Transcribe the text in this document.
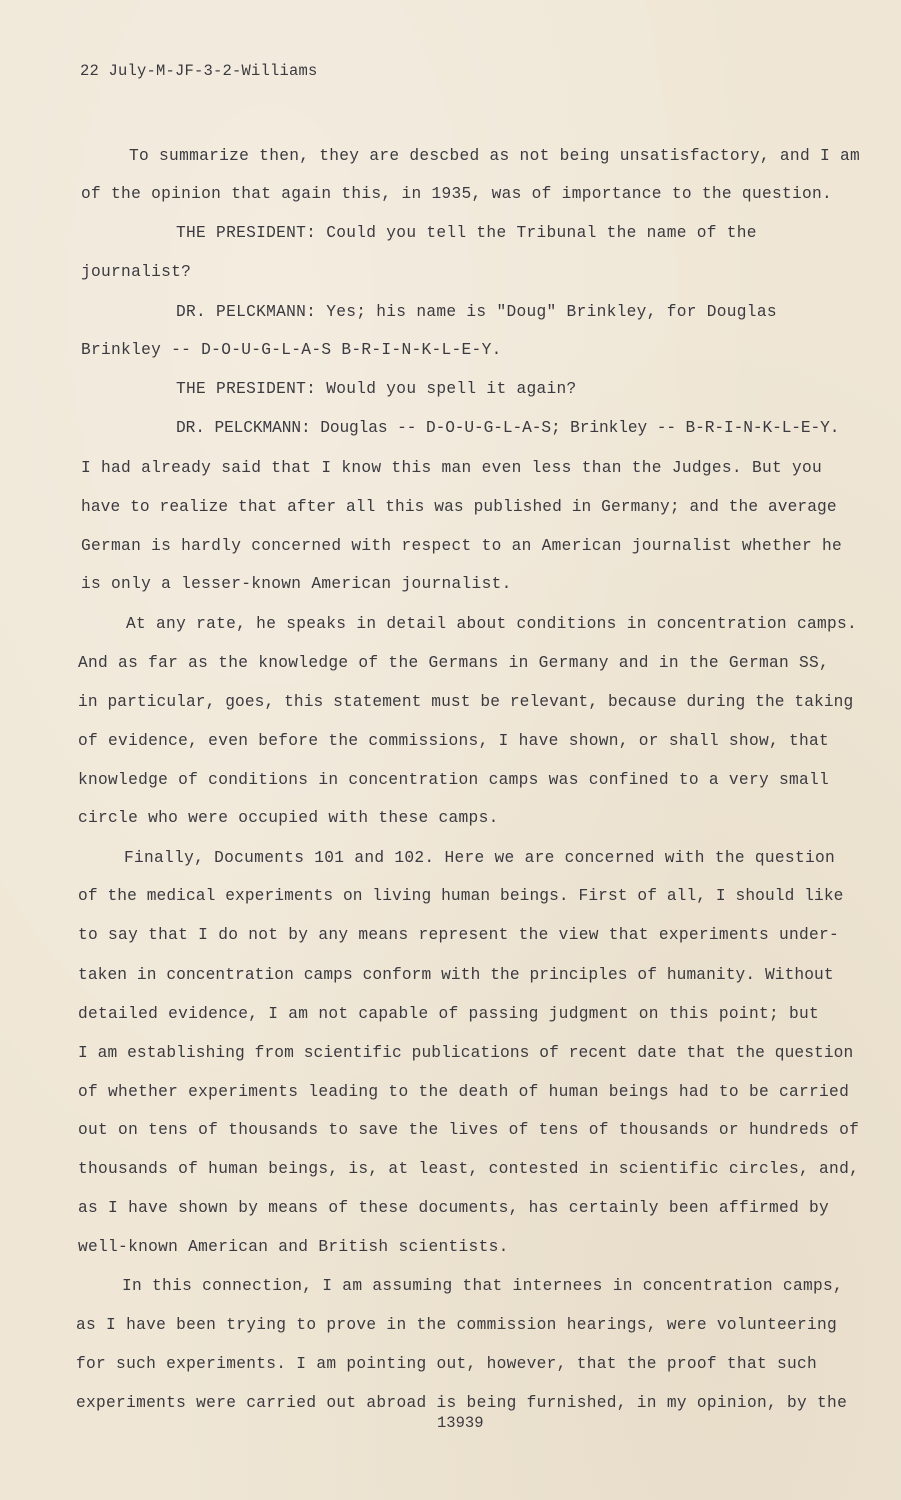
22 July-M-JF-3-2-Williams
To summarize then, they are descbed as not being unsatisfactory, and I am
of the opinion that again this, in 1935, was of importance to the question.
THE PRESIDENT: Could you tell the Tribunal the name of the
journalist?
DR. PELCKMANN: Yes; his name is "Doug" Brinkley, for Douglas
Brinkley -- D-O-U-G-L-A-S B-R-I-N-K-L-E-Y.
THE PRESIDENT: Would you spell it again?
DR. PELCKMANN: Douglas -- D-O-U-G-L-A-S; Brinkley -- B-R-I-N-K-L-E-Y.
I had already said that I know this man even less than the Judges. But you
have to realize that after all this was published in Germany; and the average
German is hardly concerned with respect to an American journalist whether he
is only a lesser-known American journalist.
At any rate, he speaks in detail about conditions in concentration camps.
And as far as the knowledge of the Germans in Germany and in the German SS,
in particular, goes, this statement must be relevant, because during the taking
of evidence, even before the commissions, I have shown, or shall show, that
knowledge of conditions in concentration camps was confined to a very small
circle who were occupied with these camps.
Finally, Documents 101 and 102. Here we are concerned with the question
of the medical experiments on living human beings. First of all, I should like
to say that I do not by any means represent the view that experiments under-
taken in concentration camps conform with the principles of humanity. Without
detailed evidence, I am not capable of passing judgment on this point; but
I am establishing from scientific publications of recent date that the question
of whether experiments leading to the death of human beings had to be carried
out on tens of thousands to save the lives of tens of thousands or hundreds of
thousands of human beings, is, at least, contested in scientific circles, and,
as I have shown by means of these documents, has certainly been affirmed by
well-known American and British scientists.
In this connection, I am assuming that internees in concentration camps,
as I have been trying to prove in the commission hearings, were volunteering
for such experiments. I am pointing out, however, that the proof that such
experiments were carried out abroad is being furnished, in my opinion, by the
13939
